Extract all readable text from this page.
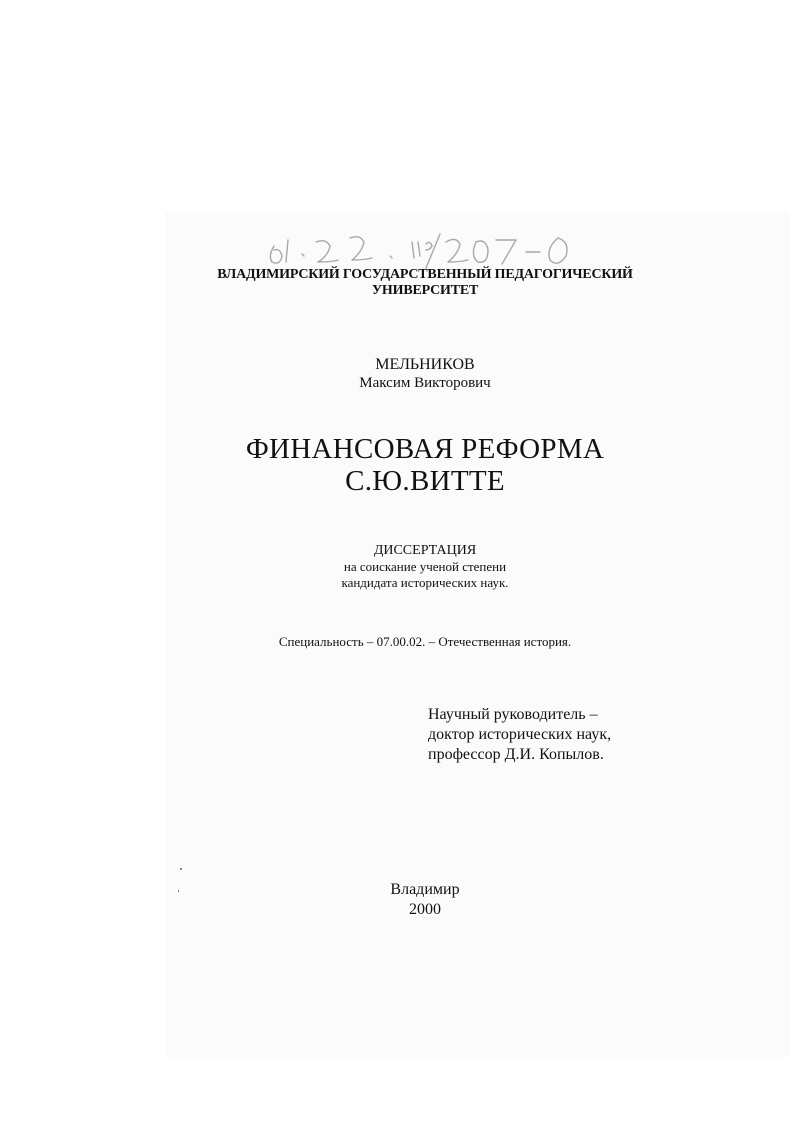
ВЛАДИМИРСКИЙ ГОСУДАРСТВЕННЫЙ ПЕДАГОГИЧЕСКИЙ
УНИВЕРСИТЕТ
МЕЛЬНИКОВ
Максим Викторович
ФИНАНСОВАЯ РЕФОРМА
С.Ю.ВИТТЕ
ДИССЕРТАЦИЯ
на соискание ученой степени
кандидата исторических наук.
Специальность – 07.00.02. – Отечественная история.
Научный руководитель –
доктор исторических наук,
профессор Д.И. Копылов.
Владимир
2000
